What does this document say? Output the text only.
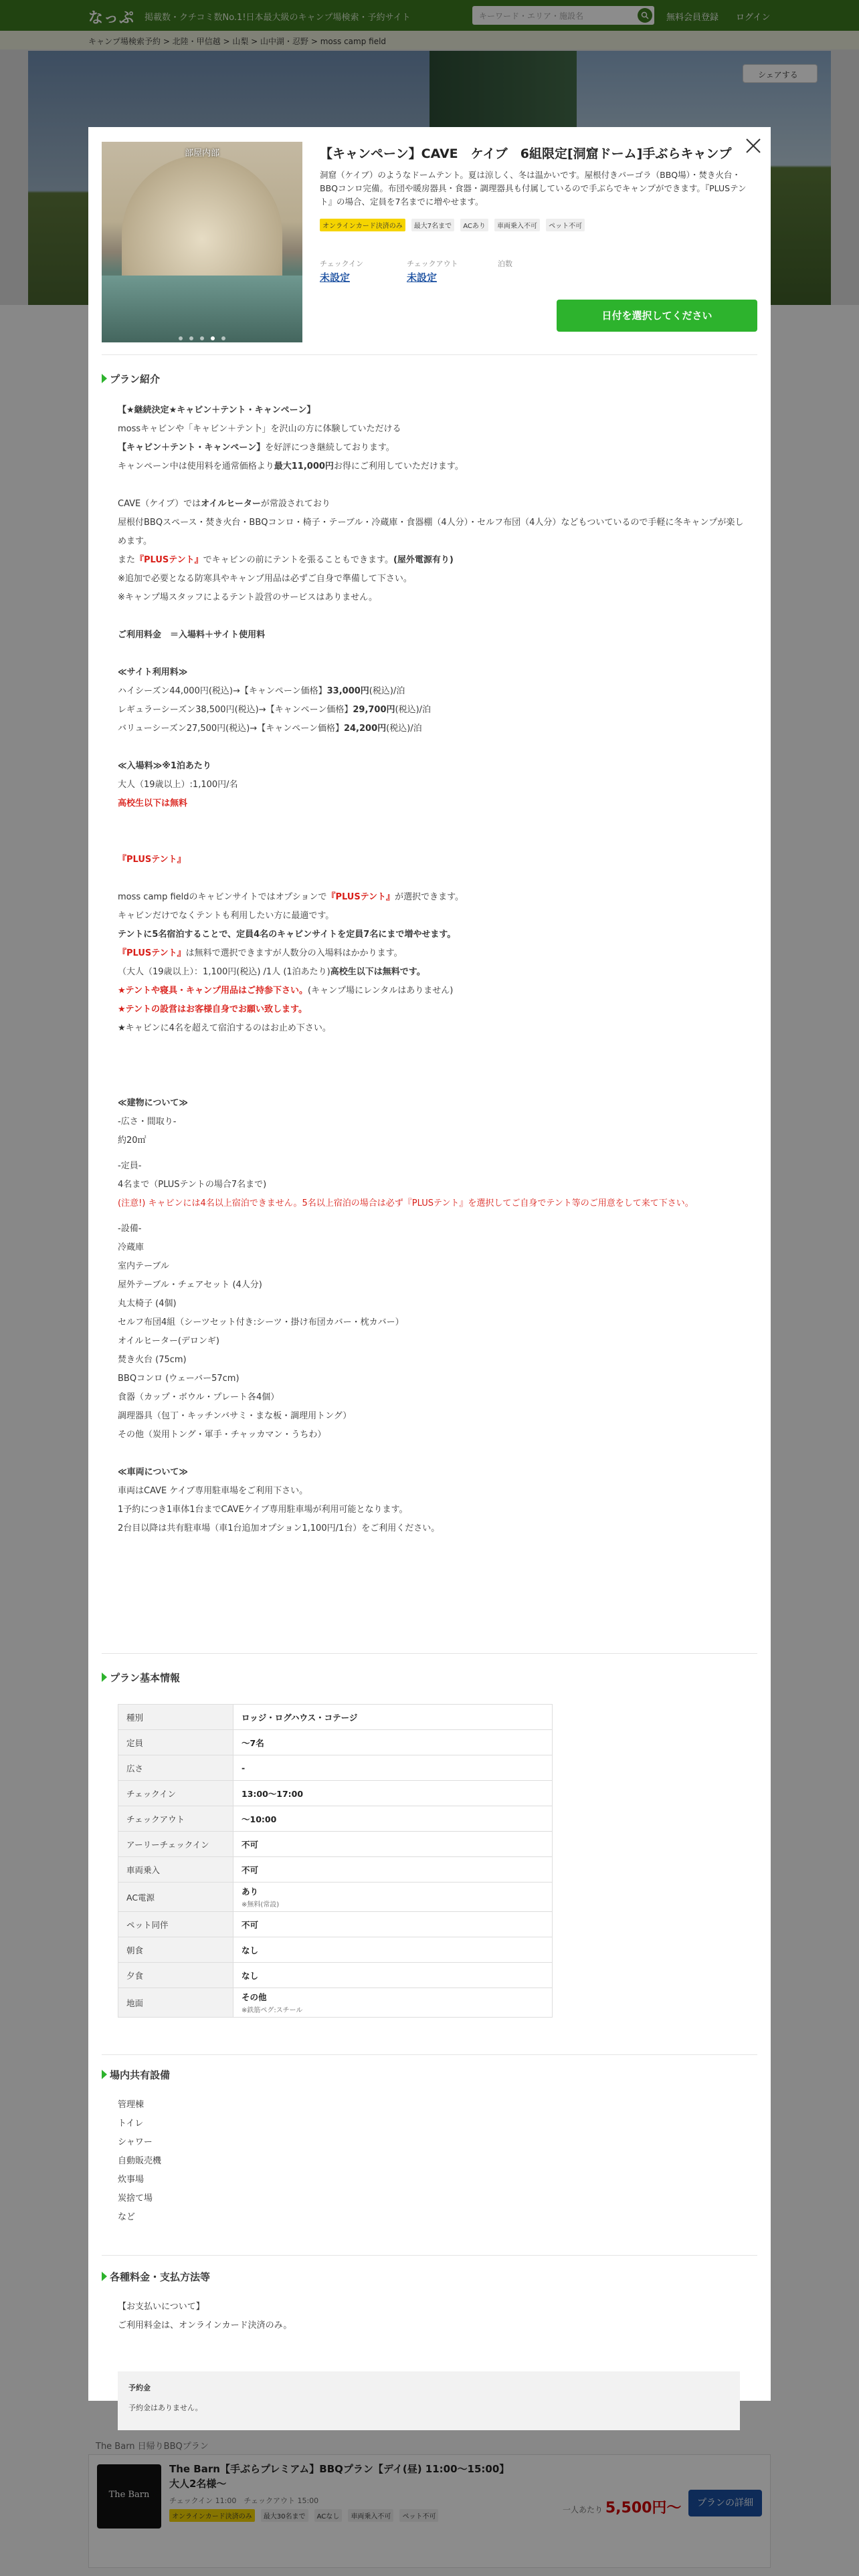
なっぷ 掲載数・クチコミ数No.1!日本最大級のキャンプ場検索・予約サイト	キーワード・エリア・施設名	無料会員登録 ログイン
キャンプ場検索予約 > 北陸・甲信越 > 山梨 > 山中湖・忍野 > moss camp field
シェアする
The Barn 日帰りBBQプラン
The Barn
The Barn【手ぶらプレミアム】BBQプラン【デイ(昼) 11:00～15:00】大人2名様～
チェックイン 11:00　チェックアウト 15:00
オンラインカード決済のみ 最大30名まで ACなし 車両乗入不可 ペット不可
一人あたり 5,500円～	プランの詳細
部屋内部	【キャンペーン】CAVE　ケイブ　6組限定[洞窟ドーム]手ぶらキャンプ
洞窟（ケイブ）のようなドームテント。夏は涼しく、冬は温かいです。屋根付きパーゴラ（BBQ場）・焚き火台・BBQコンロ完備。布団や暖房器具・食器・調理器具も付属しているので手ぶらでキャンプができます。『PLUSテント』の場合、定員を7名までに増やせます。
オンラインカード決済のみ 最大7名まで ACあり 車両乗入不可 ペット不可
チェックイン
未設定
チェックアウト
未設定
泊数
日付を選択してください
プラン紹介

【★継続決定★キャビン＋テント・キャンペーン】

mossキャビンや「キャビン＋テン卜」を沢山の方に体験していただける

【キャビン＋テント・キャンペーン】を好評につき継続しております。

キャンペーン中は使用料を通常価格より最大11,000円お得にご利用していただけます。

CAVE（ケイブ）ではオイルヒーターが常設されており

屋根付BBQスペース・焚き火台・BBQコンロ・椅子・テーブル・冷蔵庫・食器棚（4人分）・セルフ布団（4人分）などもついているので手軽に冬キャンプが楽しめます。

また『PLUSテント』でキャビンの前にテントを張ることもできます。(屋外電源有り)

※追加で必要となる防寒具やキャンプ用品は必ずご自身で準備して下さい。

※キャンプ場スタッフによるテント設営のサービスはありません。

ご利用料金　＝入場料＋サイト使用料

≪サイト利用料≫

ハイシーズン44,000円(税込)→【キャンペーン価格】33,000円(税込)/泊

レギュラーシーズン38,500円(税込)→【キャンペーン価格】29,700円(税込)/泊

バリューシーズン27,500円(税込)→【キャンペーン価格】24,200円(税込)/泊

≪入場料≫※1泊あたり

大人（19歳以上）:1,100円/名

高校生以下は無料

『PLUSテント』

moss camp fieldのキャビンサイトではオプションで『PLUSテント』が選択できます。

キャビンだけでなくテントも利用したい方に最適です。

テントに5名宿泊することで、定員4名のキャビンサイトを定員7名にまで増やせます。

『PLUSテント』は無料で選択できますが人数分の入場料はかかります。

（大人（19歳以上）：1,100円(税込) /1人 (1泊あたり)高校生以下は無料です。

★テントや寝具・キャンプ用品はご持参下さい。(キャンプ場にレンタルはありません)

★テントの設営はお客様自身でお願い致します。

★キャビンに4名を超えて宿泊するのはお止め下さい。

≪建物について≫

-広さ・間取り-

約20㎡

-定員-

4名まで（PLUSテントの場合7名まで)

(注意!) キャビンには4名以上宿泊できません。5名以上宿泊の場合は必ず『PLUSテント』を選択してご自身でテント等のご用意をして来て下さい。

-設備-

冷蔵庫

室内テーブル

屋外テーブル・チェアセット (4人分)

丸太椅子 (4個)

セルフ布団4組（シーツセット付き:シーツ・掛け布団カバー・枕カバー）

オイルヒーター(デロンギ)

焚き火台 (75cm)

BBQコンロ (ウェーバー57cm)

食器（カップ・ボウル・プレート各4個）

調理器具（包丁・キッチンバサミ・まな板・調理用トング）

その他（炭用トング・軍手・チャッカマン・うちわ）

≪車両について≫

車両はCAVE ケイブ専用駐車場をご利用下さい。

1予約につき1車体1台までCAVEケイブ専用駐車場が利用可能となります。

2台目以降は共有駐車場（車1台追加オプション1,100円/1台）をご利用ください。

プラン基本情報
種別	ロッジ・ログハウス・コテージ
定員	～7名
広さ	-
チェックイン	13:00～17:00
チェックアウト	～10:00
アーリーチェックイン	不可
車両乗入	不可
AC電源	あり
※無料(常設)

ペット同伴	不可
朝食	なし
夕食	なし
地面	その他
※鉄筋ペグ:スチール
場内共有設備

管理棟

トイレ

シャワー

自動販売機

炊事場

炭捨て場

など

各種料金・支払方法等

【お支払いについて】

ご利用料金は、オンラインカード決済のみ。

予約金
予約金はありません。
